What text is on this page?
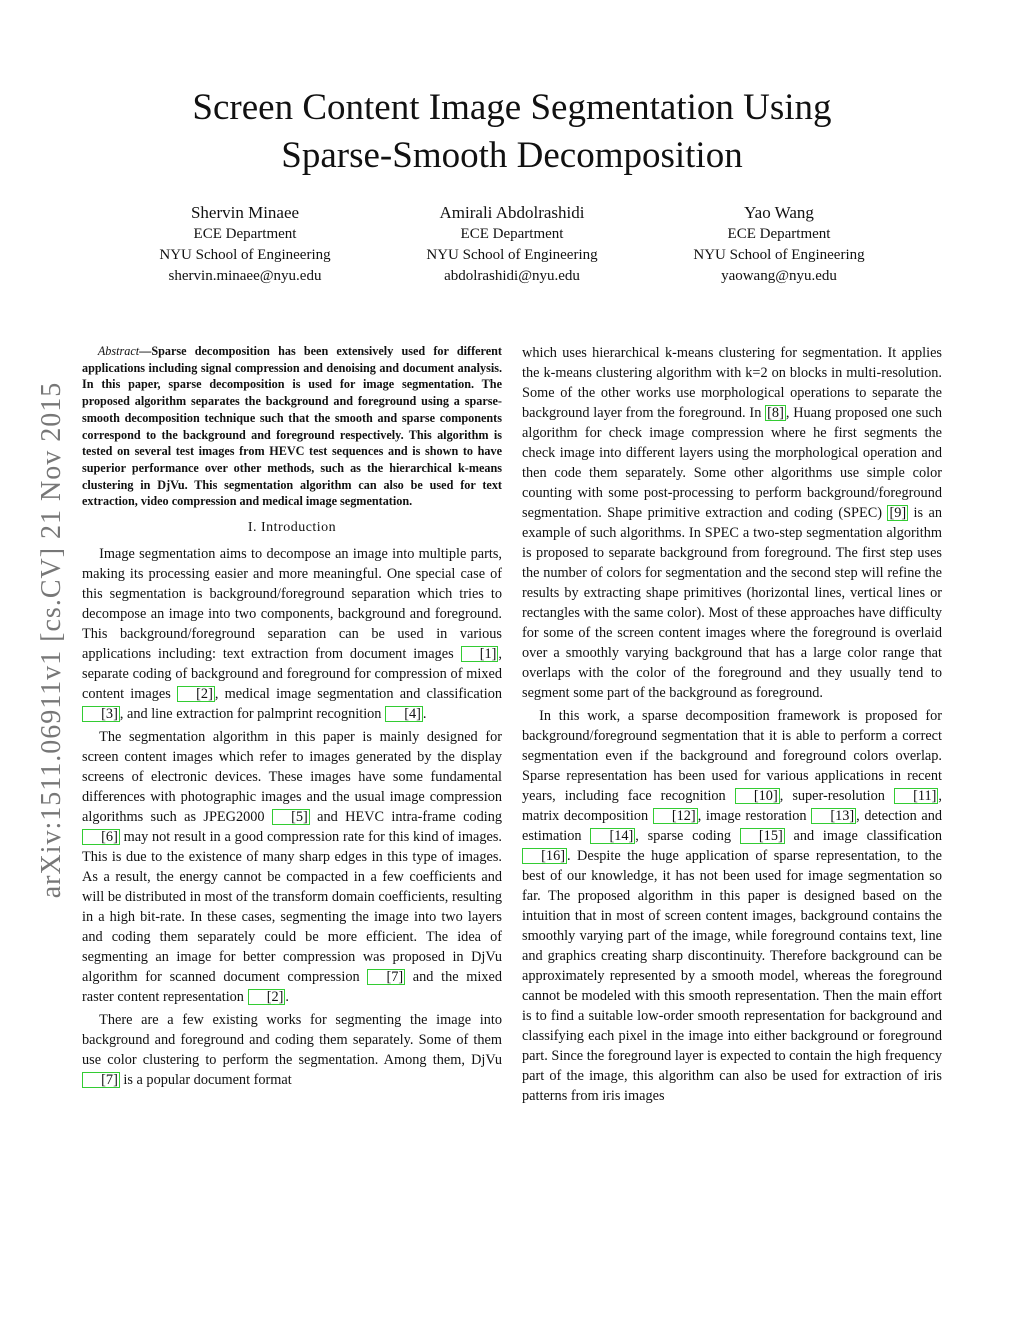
Screen Content Image Segmentation Using
Sparse-Smooth Decomposition
Shervin Minaee
ECE Department
NYU School of Engineering
shervin.minaee@nyu.edu
Amirali Abdolrashidi
ECE Department
NYU School of Engineering
abdolrashidi@nyu.edu
Yao Wang
ECE Department
NYU School of Engineering
yaowang@nyu.edu
arXiv:1511.06911v1 [cs.CV] 21 Nov 2015

Abstract—Sparse decomposition has been extensively used for different applications including signal compression and denoising and document analysis. In this paper, sparse decomposition is used for image segmentation. The proposed algorithm separates the background and foreground using a sparse-smooth decomposition technique such that the smooth and sparse components correspond to the background and foreground respectively. This algorithm is tested on several test images from HEVC test sequences and is shown to have superior performance over other methods, such as the hierarchical k-means clustering in DjVu. This segmentation algorithm can also be used for text extraction, video compression and medical image segmentation.

I. Introduction

Image segmentation aims to decompose an image into multiple parts, making its processing easier and more meaningful. One special case of this segmentation is background/foreground separation which tries to decompose an image into two components, background and foreground. This background/foreground separation can be used in various applications including: text extraction from document images [1] , separate coding of background and foreground for compression of mixed content images [2] , medical image segmentation and classification [3] , and line extraction for palmprint recognition [4] .

The segmentation algorithm in this paper is mainly designed for screen content images which refer to images generated by the display screens of electronic devices. These images have some fundamental differences with photographic images and the usual image compression algorithms such as JPEG2000 [5] and HEVC intra-frame coding [6] may not result in a good compression rate for this kind of images. This is due to the existence of many sharp edges in this type of images. As a result, the energy cannot be compacted in a few coefficients and will be distributed in most of the transform domain coefficients, resulting in a high bit-rate. In these cases, segmenting the image into two layers and coding them separately could be more efficient. The idea of segmenting an image for better compression was proposed in DjVu algorithm for scanned document compression [7] and the mixed raster content representation [2] .

There are a few existing works for segmenting the image into background and foreground and coding them separately. Some of them use color clustering to perform the segmentation. Among them, DjVu [7] is a popular document format

which uses hierarchical k-means clustering for segmentation. It applies the k-means clustering algorithm with k=2 on blocks in multi-resolution. Some of the other works use morphological operations to separate the background layer from the foreground. In [8] , Huang proposed one such algorithm for check image compression where he first segments the check image into different layers using the morphological operation and then code them separately. Some other algorithms use simple color counting with some post-processing to perform background/foreground segmentation. Shape primitive extraction and coding (SPEC) [9] is an example of such algorithms. In SPEC a two-step segmentation algorithm is proposed to separate background from foreground. The first step uses the number of colors for segmentation and the second step will refine the results by extracting shape primitives (horizontal lines, vertical lines or rectangles with the same color). Most of these approaches have difficulty for some of the screen content images where the foreground is overlaid over a smoothly varying background that has a large color range that overlaps with the color of the foreground and they usually tend to segment some part of the background as foreground.

In this work, a sparse decomposition framework is proposed for background/foreground segmentation that it is able to perform a correct segmentation even if the background and foreground colors overlap. Sparse representation has been used for various applications in recent years, including face recognition [10] , super-resolution [11] , matrix decomposition [12] , image restoration [13] , detection and estimation [14] , sparse coding [15] and image classification [16] . Despite the huge application of sparse representation, to the best of our knowledge, it has not been used for image segmentation so far. The proposed algorithm in this paper is designed based on the intuition that in most of screen content images, background contains the smoothly varying part of the image, while foreground contains text, line and graphics creating sharp discontinuity. Therefore background can be approximately represented by a smooth model, whereas the foreground cannot be modeled with this smooth representation. Then the main effort is to find a suitable low-order smooth representation for background and classifying each pixel in the image into either background or foreground part. Since the foreground layer is expected to contain the high frequency part of the image, this algorithm can also be used for extraction of iris patterns from iris images
